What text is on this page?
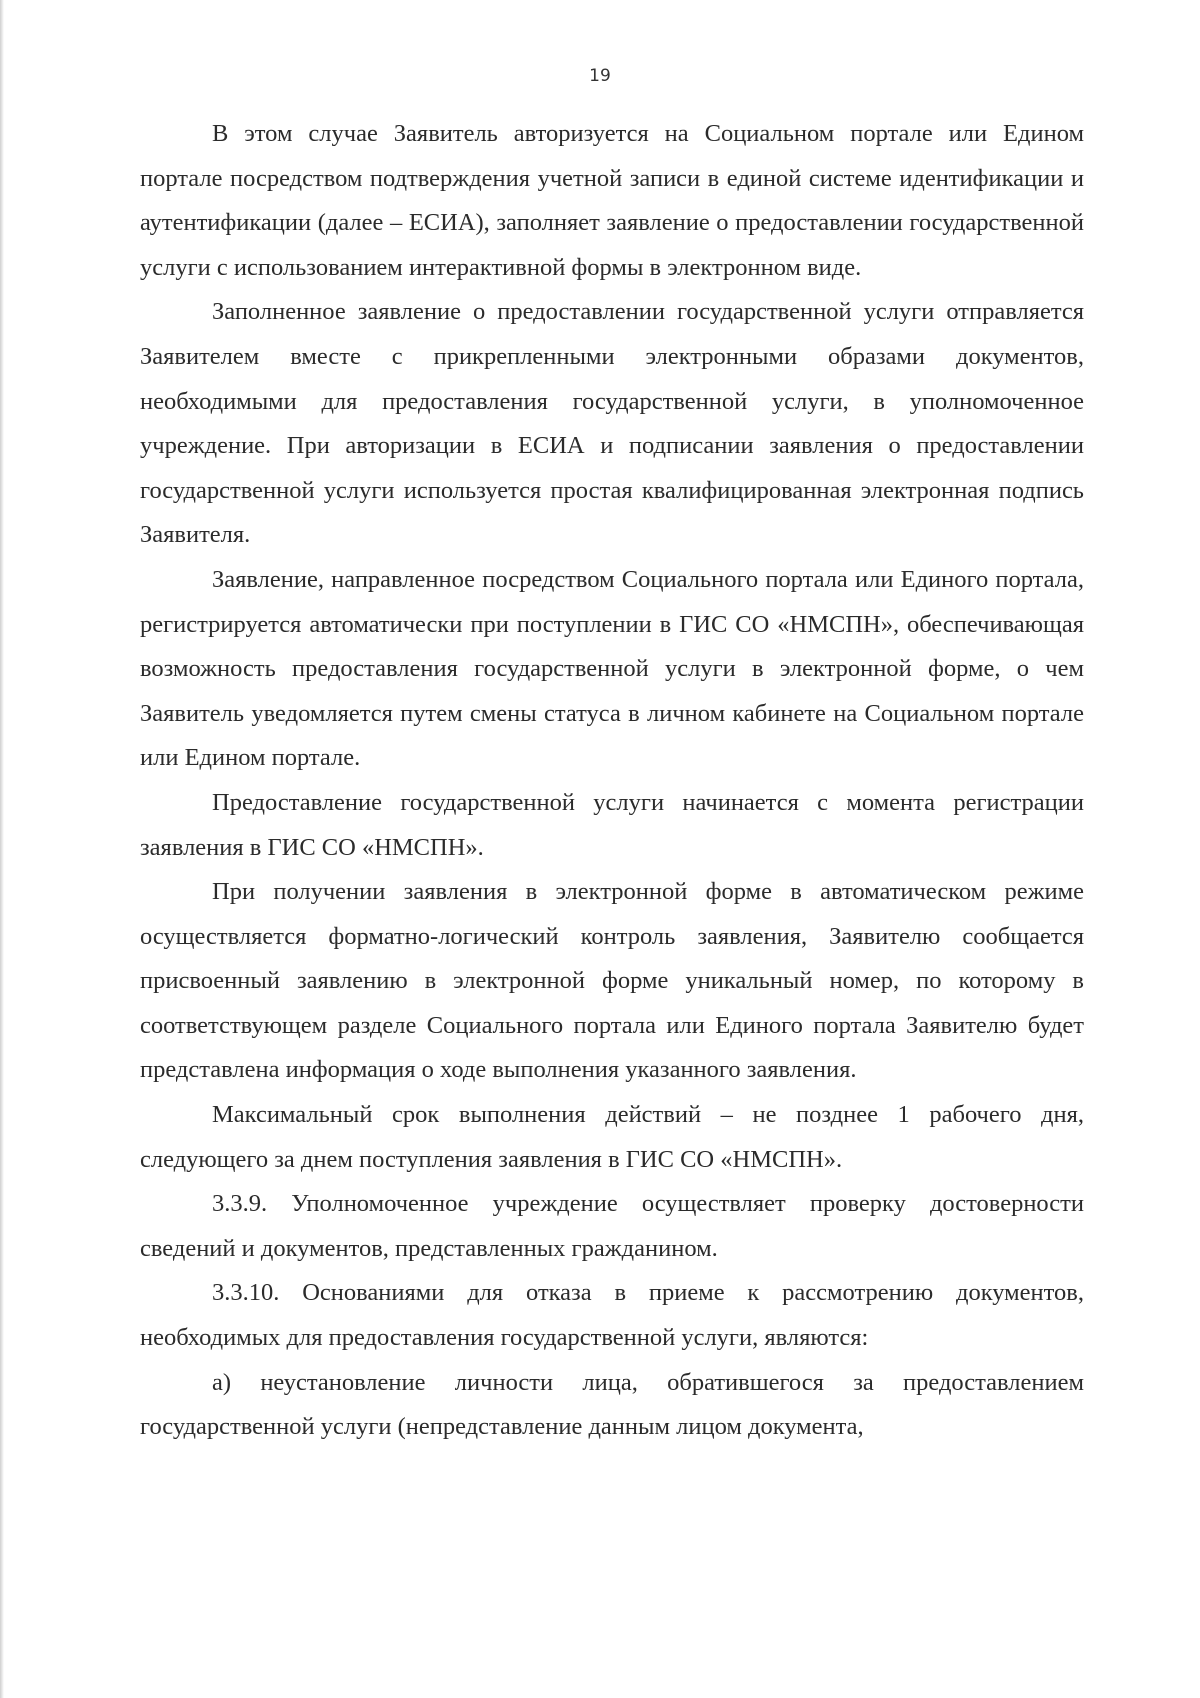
19

В этом случае Заявитель авторизуется на Социальном портале или Едином портале посредством подтверждения учетной записи в единой системе идентификации и аутентификации (далее – ЕСИА), заполняет заявление о предоставлении государственной услуги с использованием интерактивной формы в электронном виде.

Заполненное заявление о предоставлении государственной услуги отправляется Заявителем вместе с прикрепленными электронными образами документов, необходимыми для предоставления государственной услуги, в уполномоченное учреждение. При авторизации в ЕСИА и подписании заявления о предоставлении государственной услуги используется простая квалифицированная электронная подпись Заявителя.

Заявление, направленное посредством Социального портала или Единого портала, регистрируется автоматически при поступлении в ГИС СО «НМСПН», обеспечивающая возможность предоставления государственной услуги в электронной форме, о чем Заявитель уведомляется путем смены статуса в личном кабинете на Социальном портале или Едином портале.

Предоставление государственной услуги начинается с момента регистрации заявления в ГИС СО «НМСПН».

При получении заявления в электронной форме в автоматическом режиме осуществляется форматно-логический контроль заявления, Заявителю сообщается присвоенный заявлению в электронной форме уникальный номер, по которому в соответствующем разделе Социального портала или Единого портала Заявителю будет представлена информация о ходе выполнения указанного заявления.

Максимальный срок выполнения действий – не позднее 1 рабочего дня, следующего за днем поступления заявления в ГИС СО «НМСПН».

3.3.9. Уполномоченное учреждение осуществляет проверку достоверности сведений и документов, представленных гражданином.

3.3.10. Основаниями для отказа в приеме к рассмотрению документов, необходимых для предоставления государственной услуги, являются:

а) неустановление личности лица, обратившегося за предоставлением государственной услуги (непредставление данным лицом документа,
